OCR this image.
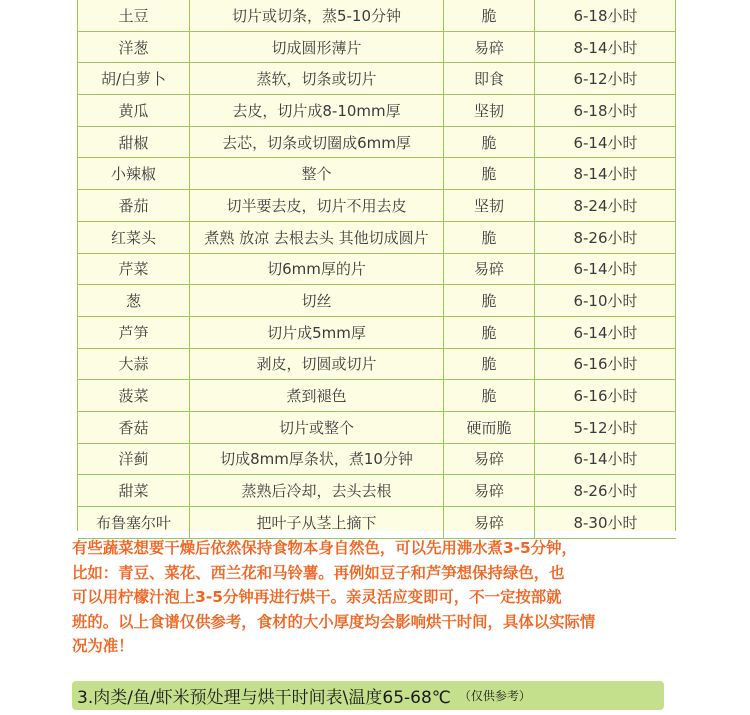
土豆	切片或切条，蒸5-10分钟	脆	6-18小时
洋葱	切成圆形薄片	易碎	8-14小时
胡/白萝卜	蒸软，切条或切片	即食	6-12小时
黄瓜	去皮，切片成8-10mm厚	坚韧	6-18小时
甜椒	去芯，切条或切圈成6mm厚	脆	6-14小时
小辣椒	整个	脆	8-14小时
番茄	切半要去皮，切片不用去皮	坚韧	8-24小时
红菜头	煮熟 放凉 去根去头 其他切成圆片	脆	8-26小时
芹菜	切6mm厚的片	易碎	6-14小时
葱	切丝	脆	6-10小时
芦笋	切片成5mm厚	脆	6-14小时
大蒜	剥皮，切圆或切片	脆	6-16小时
菠菜	煮到褪色	脆	6-16小时
香菇	切片或整个	硬而脆	5-12小时
洋蓟	切成8mm厚条状，煮10分钟	易碎	6-14小时
甜菜	蒸熟后冷却，去头去根	易碎	8-26小时
布鲁塞尔叶	把叶子从茎上摘下	易碎	8-30小时

有些蔬菜想要干燥后依然保持食物本身自然色，可以先用沸水煮3-5分钟，

比如：青豆、菜花、西兰花和马铃薯。再例如豆子和芦笋想保持绿色，也

可以用柠檬汁泡上3-5分钟再进行烘干。亲灵活应变即可，不一定按部就

班的。以上食谱仅供参考，食材的大小厚度均会影响烘干时间，具体以实际情

况为准！

3.肉类/鱼/虾米预处理与烘干时间表\温度65-68℃ （仅供参考）
